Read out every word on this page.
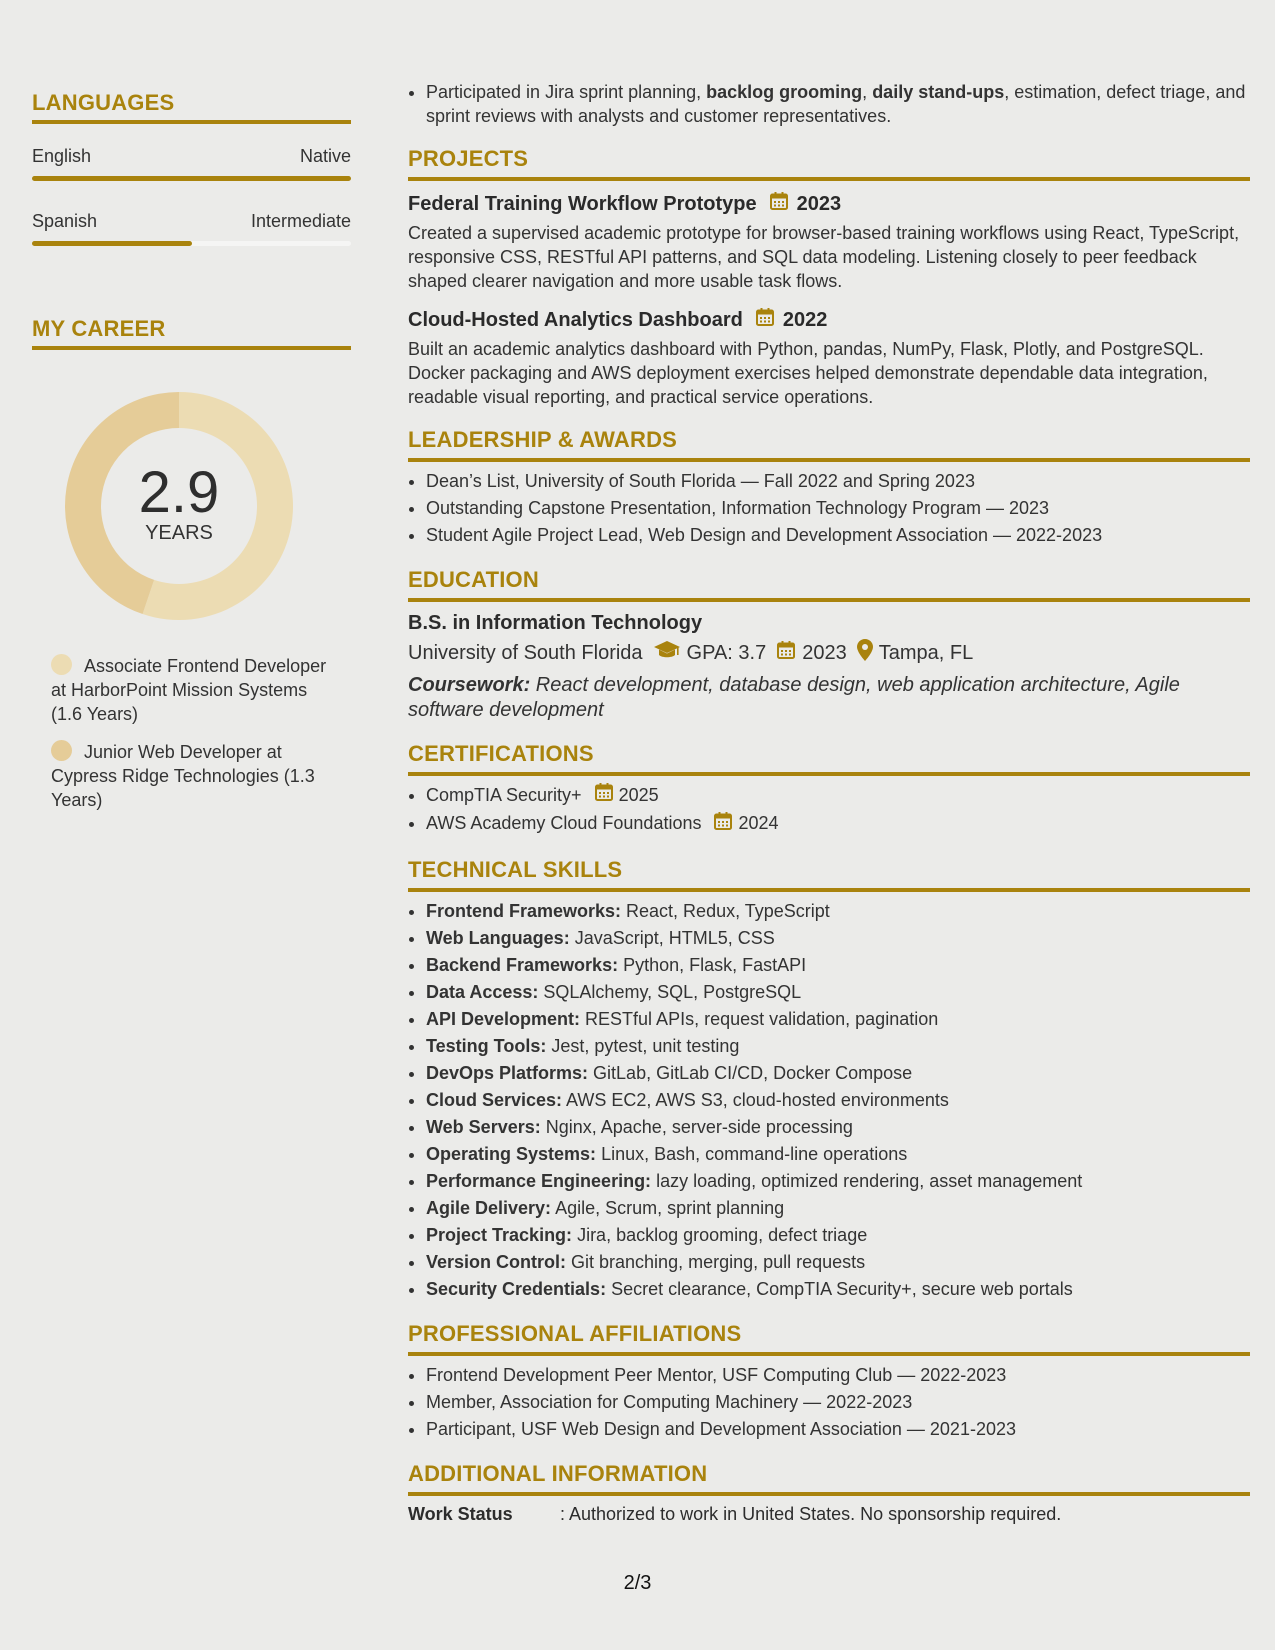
LANGUAGES
English	Native
Spanish	Intermediate
MY CAREER
2.9
YEARS
Associate Frontend Developer at HarborPoint Mission Systems (1.6 Years)
Junior Web Developer at Cypress Ridge Technologies (1.3 Years)
• Participated in Jira sprint planning, backlog grooming, daily stand-ups, estimation, defect triage, and sprint reviews with analysts and customer representatives.
PROJECTS
Federal Training Workflow Prototype 2023
Created a supervised academic prototype for browser-based training workflows using React, TypeScript, responsive CSS, RESTful API patterns, and SQL data modeling. Listening closely to peer feedback shaped clearer navigation and more usable task flows.
Cloud-Hosted Analytics Dashboard 2022
Built an academic analytics dashboard with Python, pandas, NumPy, Flask, Plotly, and PostgreSQL. Docker packaging and AWS deployment exercises helped demonstrate dependable data integration, readable visual reporting, and practical service operations.
LEADERSHIP & AWARDS
• Dean’s List, University of South Florida — Fall 2022 and Spring 2023
• Outstanding Capstone Presentation, Information Technology Program — 2023
• Student Agile Project Lead, Web Design and Development Association — 2022-2023
EDUCATION
B.S. in Information Technology
University of South Florida GPA: 3.7 2023 Tampa, FL
Coursework: React development, database design, web application architecture, Agile software development
CERTIFICATIONS
• CompTIA Security+ 2025
• AWS Academy Cloud Foundations 2024
TECHNICAL SKILLS
• Frontend Frameworks: React, Redux, TypeScript
• Web Languages: JavaScript, HTML5, CSS
• Backend Frameworks: Python, Flask, FastAPI
• Data Access: SQLAlchemy, SQL, PostgreSQL
• API Development: RESTful APIs, request validation, pagination
• Testing Tools: Jest, pytest, unit testing
• DevOps Platforms: GitLab, GitLab CI/CD, Docker Compose
• Cloud Services: AWS EC2, AWS S3, cloud-hosted environments
• Web Servers: Nginx, Apache, server-side processing
• Operating Systems: Linux, Bash, command-line operations
• Performance Engineering: lazy loading, optimized rendering, asset management
• Agile Delivery: Agile, Scrum, sprint planning
• Project Tracking: Jira, backlog grooming, defect triage
• Version Control: Git branching, merging, pull requests
• Security Credentials: Secret clearance, CompTIA Security+, secure web portals
PROFESSIONAL AFFILIATIONS
• Frontend Development Peer Mentor, USF Computing Club — 2022-2023
• Member, Association for Computing Machinery — 2022-2023
• Participant, USF Web Design and Development Association — 2021-2023
ADDITIONAL INFORMATION
Work Status	: Authorized to work in United States. No sponsorship required.
2/3
